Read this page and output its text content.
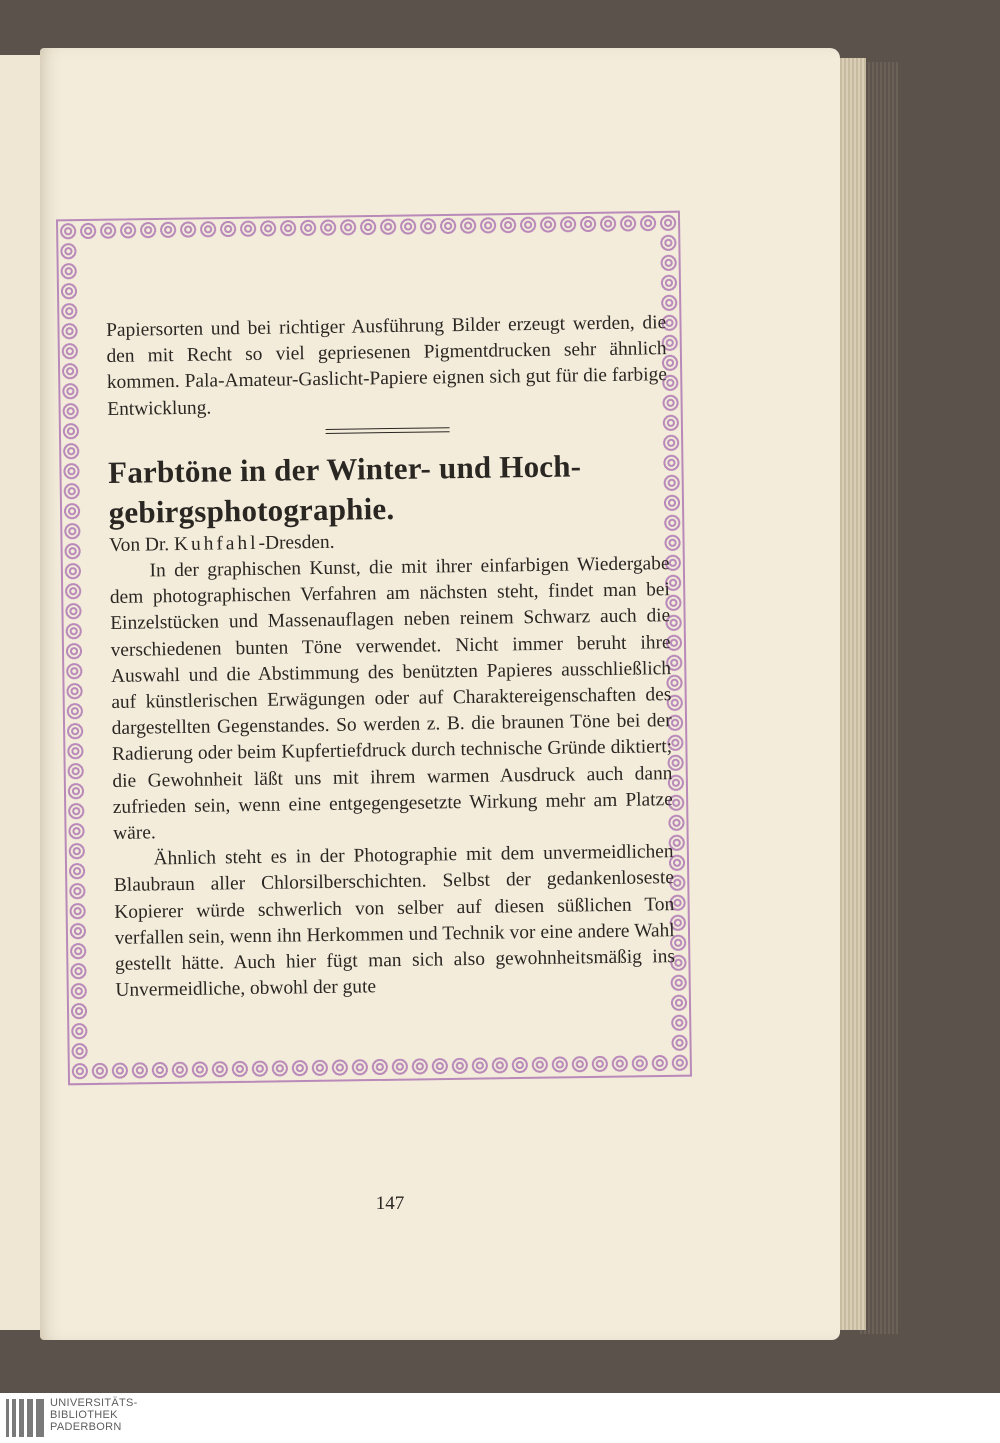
Papiersorten und bei richtiger Ausführung Bilder erzeugt werden, die den mit Recht so viel gepriesenen Pigmentdrucken sehr ähnlich kommen. Pala-Amateur-Gaslicht-Papiere eignen sich gut für die farbige Entwicklung.

Farbtöne in der Winter- und Hoch-
gebirgsphotographie.

Von Dr. Kuhfahl-Dresden.

In der graphischen Kunst, die mit ihrer einfarbigen Wiedergabe dem photographischen Verfahren am nächsten steht, findet man bei Einzelstücken und Massenauflagen neben reinem Schwarz auch die verschiedenen bunten Töne verwendet. Nicht immer beruht ihre Auswahl und die Abstimmung des benützten Papieres ausschließlich auf künstlerischen Erwägungen oder auf Charaktereigenschaften des dargestellten Gegenstandes. So werden z. B. die braunen Töne bei der Radierung oder beim Kupfertiefdruck durch technische Gründe diktiert; die Gewohnheit läßt uns mit ihrem warmen Ausdruck auch dann zufrieden sein, wenn eine entgegengesetzte Wirkung mehr am Platze wäre.

Ähnlich steht es in der Photographie mit dem unvermeidlichen Blaubraun aller Chlorsilberschichten. Selbst der gedankenloseste Kopierer würde schwerlich von selber auf diesen süßlichen Ton verfallen sein, wenn ihn Herkommen und Technik vor eine andere Wahl gestellt hätte. Auch hier fügt man sich also gewohnheitsmäßig ins Unvermeidliche, obwohl der gute

147
UNIVERSITÄTS-
BIBLIOTHEK
PADERBORN
